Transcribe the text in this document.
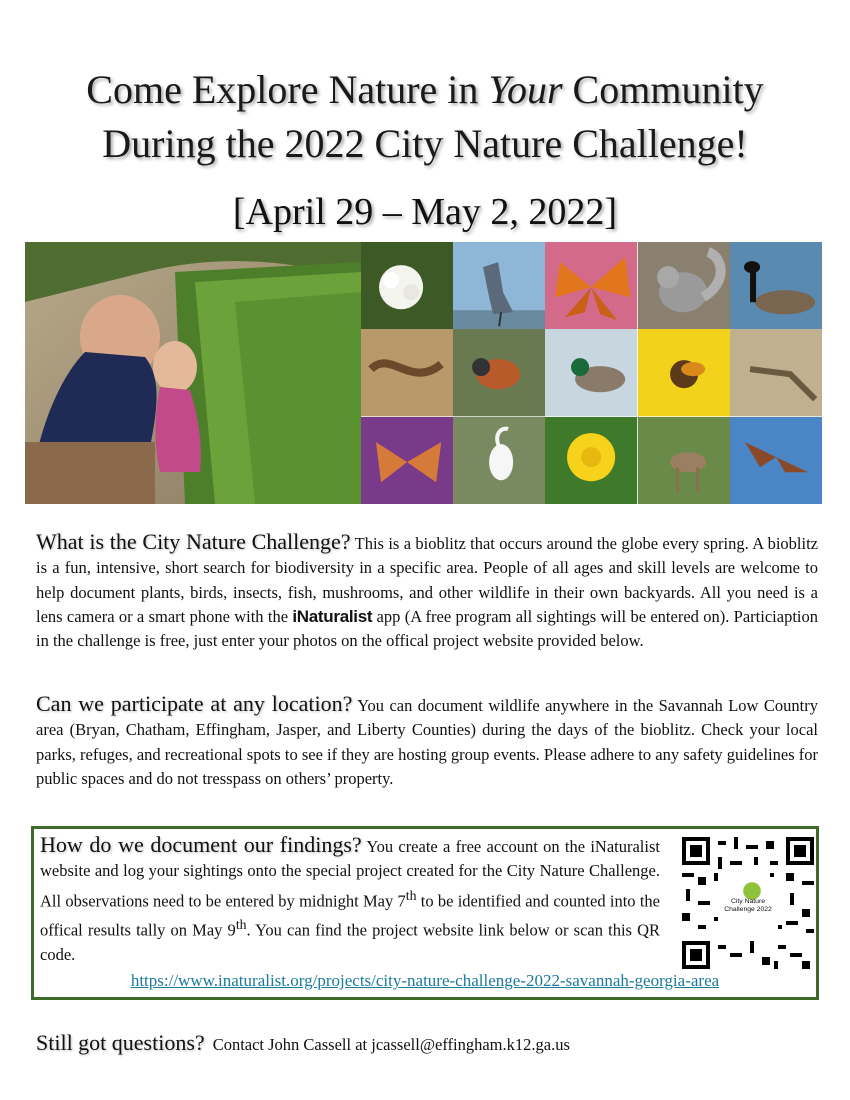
Come Explore Nature in Your Community
During the 2022 City Nature Challenge!
[April 29 – May 2, 2022]
What is the City Nature Challenge? This is a bioblitz that occurs around the globe every spring. A bioblitz is a fun, intensive, short search for biodiversity in a specific area. People of all ages and skill levels are welcome to help document plants, birds, insects, fish, mushrooms, and other wildlife in their own backyards. All you need is a lens camera or a smart phone with the iNaturalist app (A free program all sightings will be entered on). Particiaption in the challenge is free, just enter your photos on the offical project website provided below.
Can we participate at any location? You can document wildlife anywhere in the Savannah Low Country area (Bryan, Chatham, Effingham, Jasper, and Liberty Counties) during the days of the bioblitz. Check your local parks, refuges, and recreational spots to see if they are hosting group events. Please adhere to any safety guidelines for public spaces and do not tresspass on others’ property.
How do we document our findings? You create a free account on the iNaturalist website and log your sightings onto the special project created for the City Nature Challenge. All observations need to be entered by midnight May 7th to be identified and counted into the offical results tally on May 9th. You can find the project website link below or scan this QR code.
City Nature
Challenge 2022
https://www.inaturalist.org/projects/city-nature-challenge-2022-savannah-georgia-area
Still got questions? Contact John Cassell at jcassell@effingham.k12.ga.us
